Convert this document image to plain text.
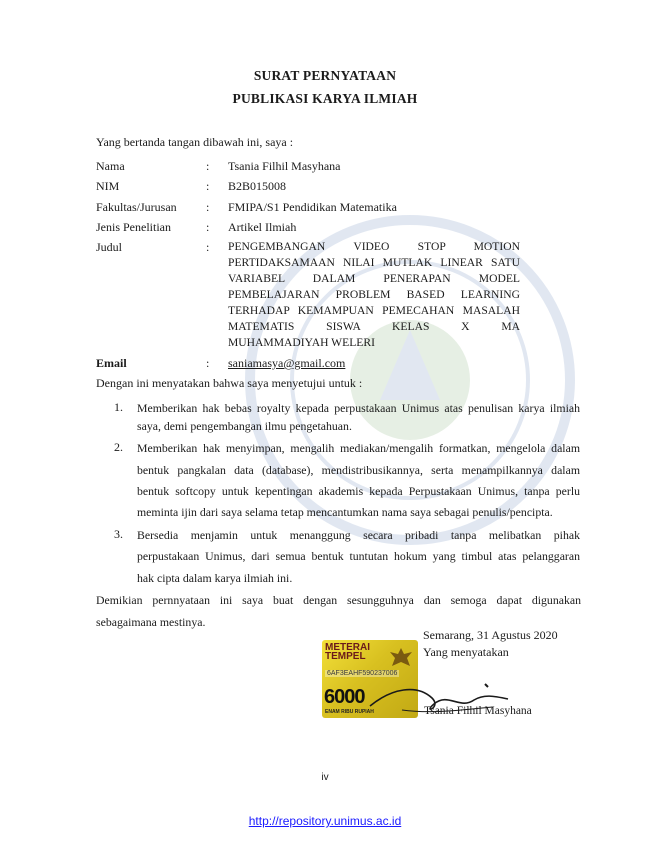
SURAT PERNYATAAN
PUBLIKASI KARYA ILMIAH
Yang bertanda tangan dibawah ini, saya :
Nama	: Tsania Filhil Masyhana
NIM	: B2B015008
Fakultas/Jurusan : FMIPA/S1 Pendidikan Matematika
Jenis Penelitian	: Artikel Ilmiah
Judul	: PENGEMBANGAN VIDEO STOP MOTION
PERTIDAKSAMAAN NILAI MUTLAK LINEAR SATU
VARIABEL DALAM PENERAPAN MODEL
PEMBELAJARAN PROBLEM BASED LEARNING
TERHADAP KEMAMPUAN PEMECAHAN MASALAH
MATEMATIS SISWA KELAS X MA
MUHAMMADIYAH WELERI
Email	: saniamasya@gmail.com
Dengan ini menyatakan bahwa saya menyetujui untuk :
1. Memberikan hak bebas royalty kepada perpustakaan Unimus atas penulisan karya ilmiah
saya, demi pengembangan ilmu pengetahuan.
2. Memberikan hak menyimpan, mengalih mediakan/mengalih formatkan, mengelola dalam
bentuk pangkalan data (database), mendistribusikannya, serta menampilkannya dalam
bentuk softcopy untuk kepentingan akademis kepada Perpustakaan Unimus, tanpa perlu
meminta ijin dari saya selama tetap mencantumkan nama saya sebagai penulis/pencipta.
3. Bersedia menjamin untuk menanggung secara pribadi tanpa melibatkan pihak
perpustakaan Unimus, dari semua bentuk tuntutan hokum yang timbul atas pelanggaran
hak cipta dalam karya ilmiah ini.
Demikian pernnyataan ini saya buat dengan sesungguhnya dan semoga dapat digunakan
sebagaimana mestinya.
Semarang, 31 Agustus 2020
Yang menyatakan
METERAI
TEMPEL
6AF3EAHF590237006
6000
ENAM RIBU RUPIAH	Tsania Filhil Masyhana
iv
http://repository.unimus.ac.id
